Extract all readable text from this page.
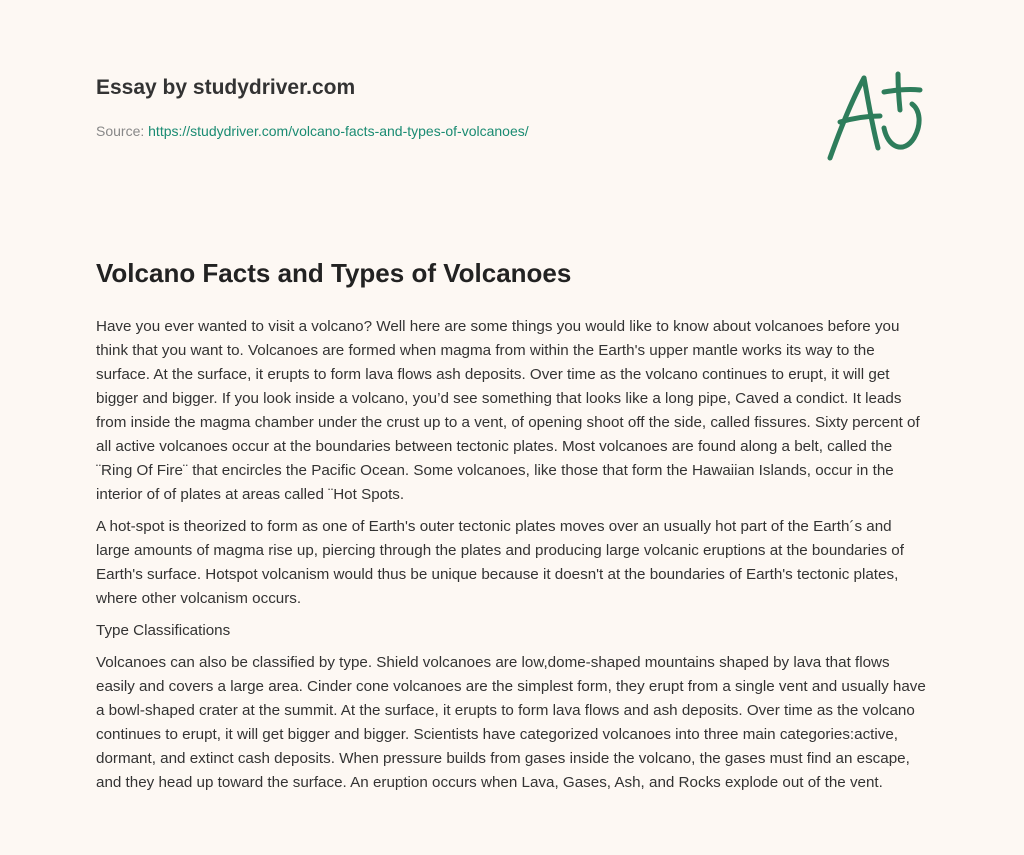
Essay by studydriver.com
Source: https://studydriver.com/volcano-facts-and-types-of-volcanoes/
Volcano Facts and Types of Volcanoes

Have you ever wanted to visit a volcano? Well here are some things you would like to know about volcanoes before you think that you want to. Volcanoes are formed when magma from within the Earth's upper mantle works its way to the surface. At the surface, it erupts to form lava flows ash deposits. Over time as the volcano continues to erupt, it will get bigger and bigger. If you look inside a volcano, you’d see something that looks like a long pipe, Caved a condict. It leads from inside the magma chamber under the crust up to a vent, of opening shoot off the side, called fissures. Sixty percent of all active volcanoes occur at the boundaries between tectonic plates. Most volcanoes are found along a belt, called the ¨Ring Of Fire¨ that encircles the Pacific Ocean. Some volcanoes, like those that form the Hawaiian Islands, occur in the interior of of plates at areas called ¨Hot Spots.

A hot-spot is theorized to form as one of Earth's outer tectonic plates moves over an usually hot part of the Earth´s and large amounts of magma rise up, piercing through the plates and producing large volcanic eruptions at the boundaries of Earth's surface. Hotspot volcanism would thus be unique because it doesn't at the boundaries of Earth's tectonic plates, where other volcanism occurs.

Type Classifications

Volcanoes can also be classified by type. Shield volcanoes are low,dome-shaped mountains shaped by lava that flows easily and covers a large area. Cinder cone volcanoes are the simplest form, they erupt from a single vent and usually have a bowl-shaped crater at the summit. At the surface, it erupts to form lava flows and ash deposits. Over time as the volcano continues to erupt, it will get bigger and bigger. Scientists have categorized volcanoes into three main categories:active, dormant, and extinct cash deposits. When pressure builds from gases inside the volcano, the gases must find an escape, and they head up toward the surface. An eruption occurs when Lava, Gases, Ash, and Rocks explode out of the vent.
